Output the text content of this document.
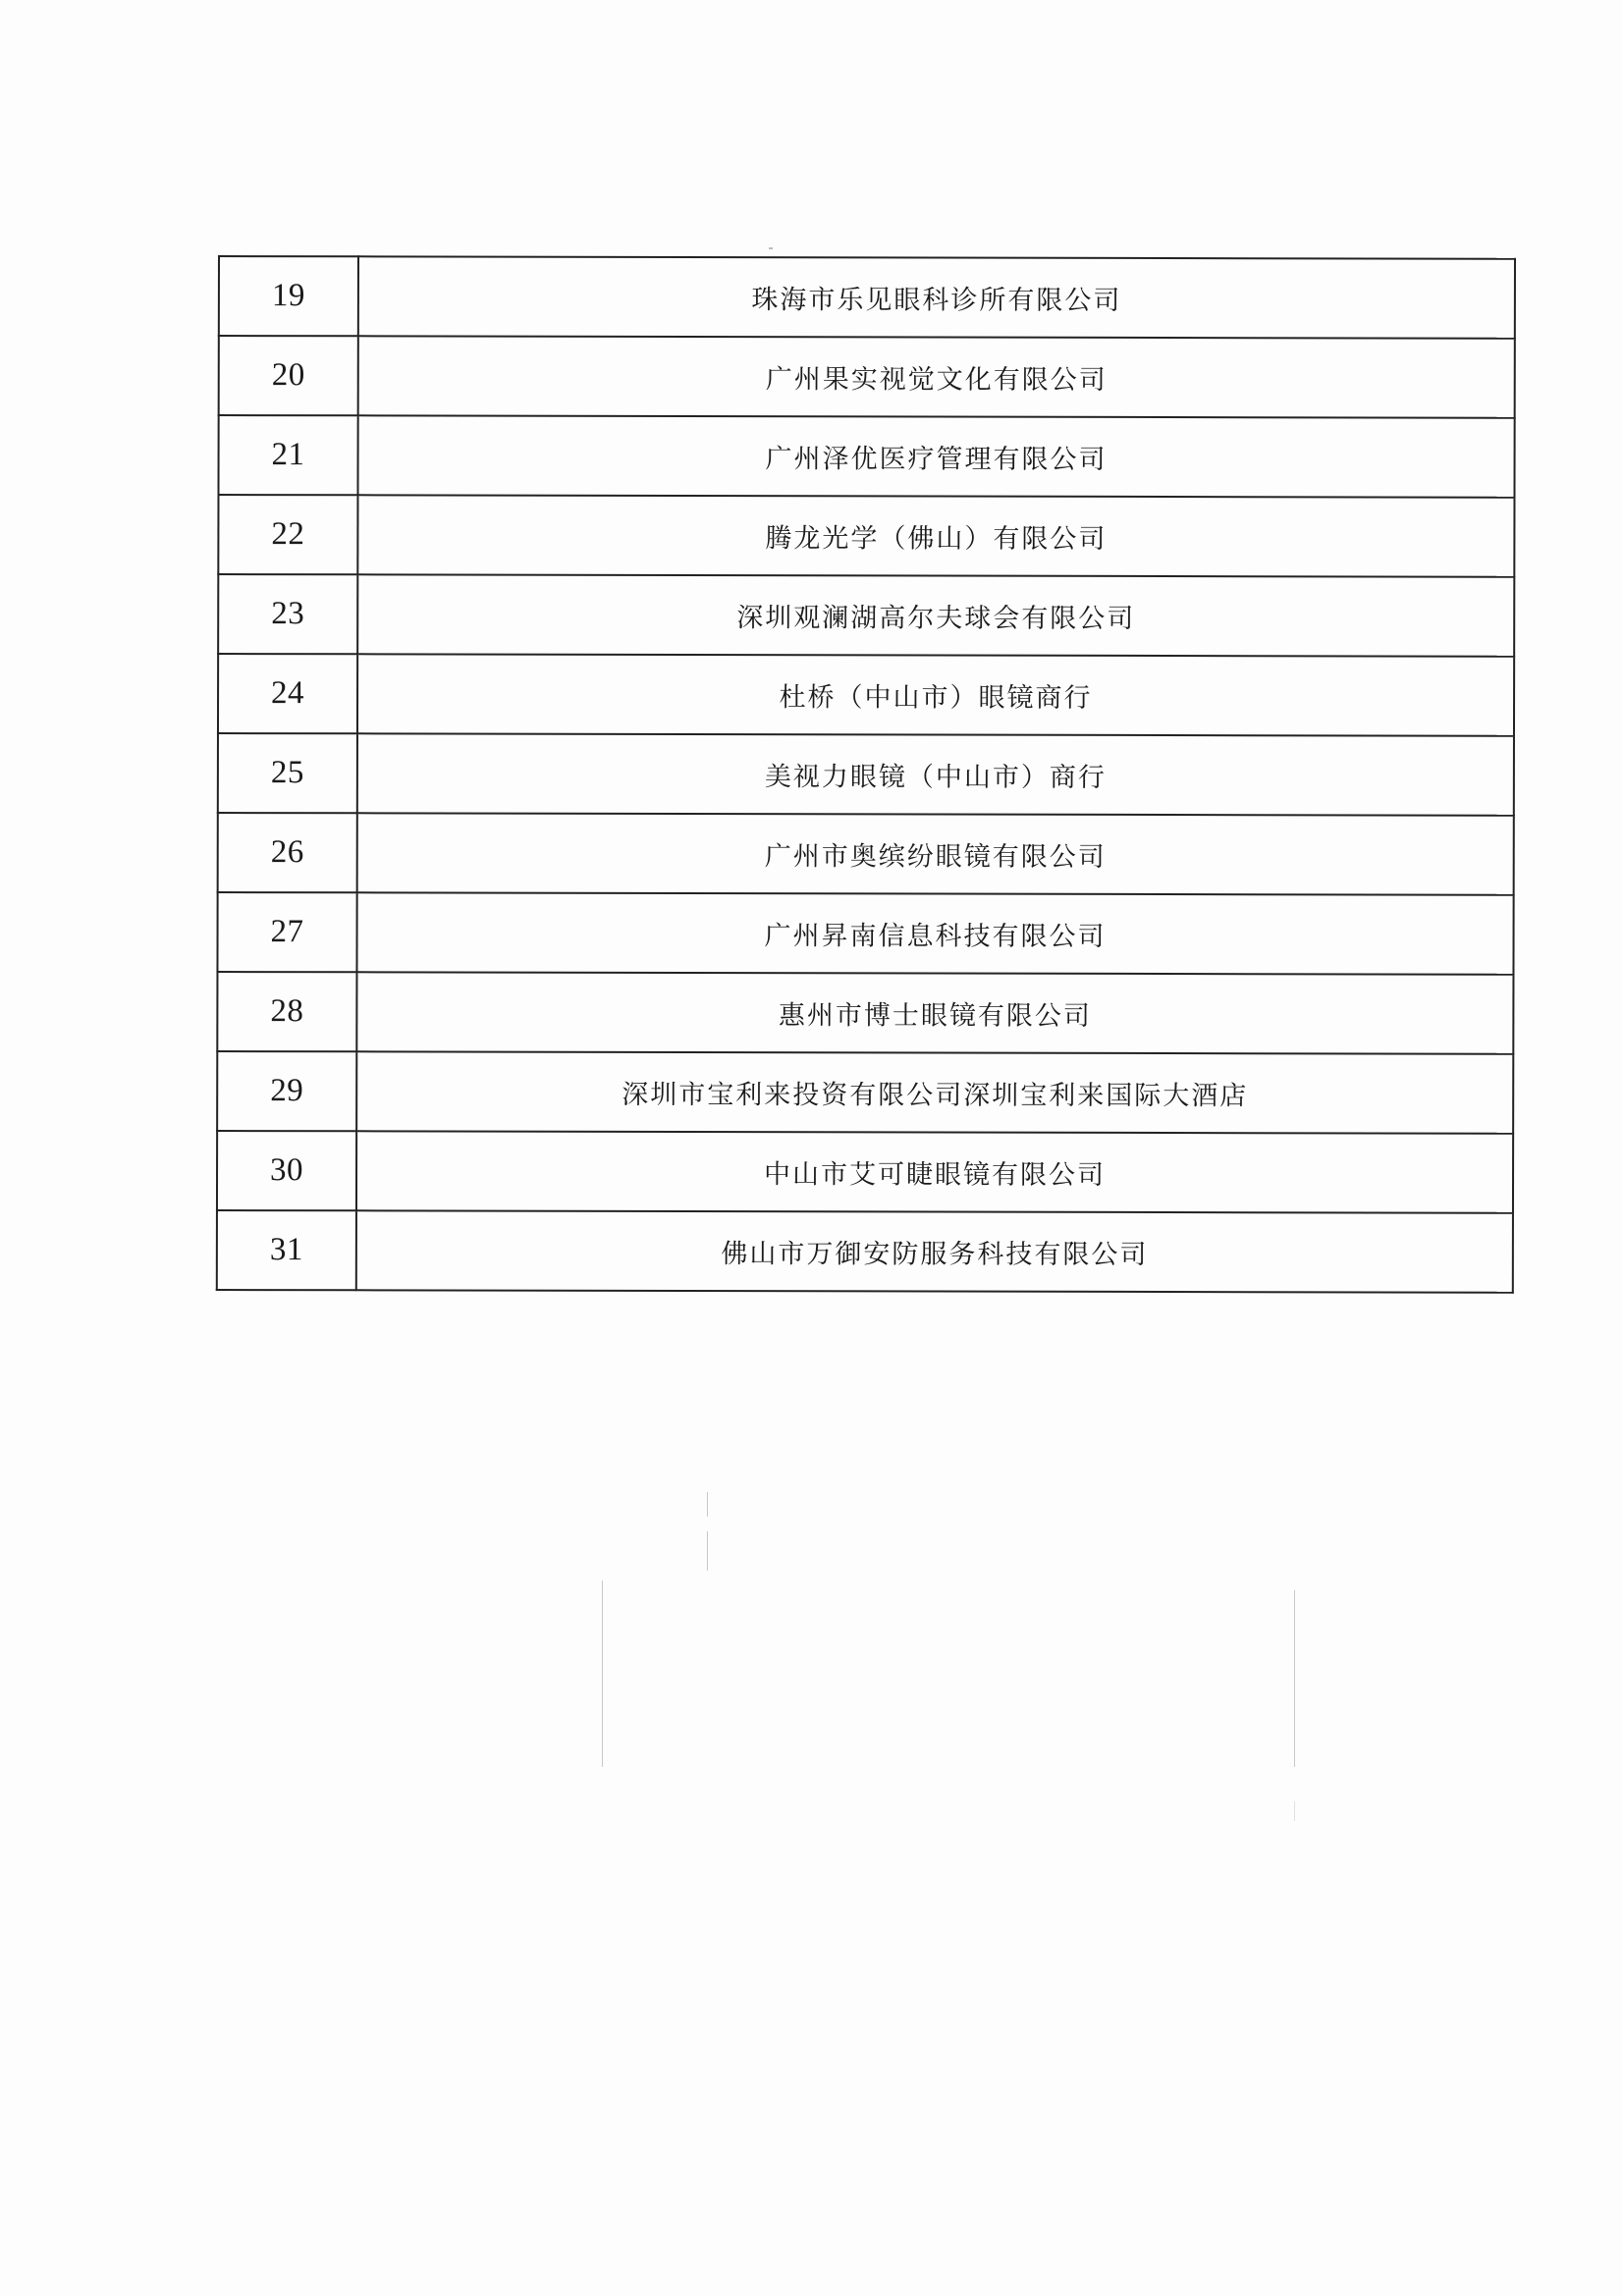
19	珠海市乐见眼科诊所有限公司
20	广州果实视觉文化有限公司
21	广州泽优医疗管理有限公司
22	腾龙光学（佛山）有限公司
23	深圳观澜湖高尔夫球会有限公司
24	杜桥（中山市）眼镜商行
25	美视力眼镜（中山市）商行
26	广州市奥缤纷眼镜有限公司
27	广州昇南信息科技有限公司
28	惠州市博士眼镜有限公司
29	深圳市宝利来投资有限公司深圳宝利来国际大酒店
30	中山市艾可睫眼镜有限公司
31	佛山市万御安防服务科技有限公司
